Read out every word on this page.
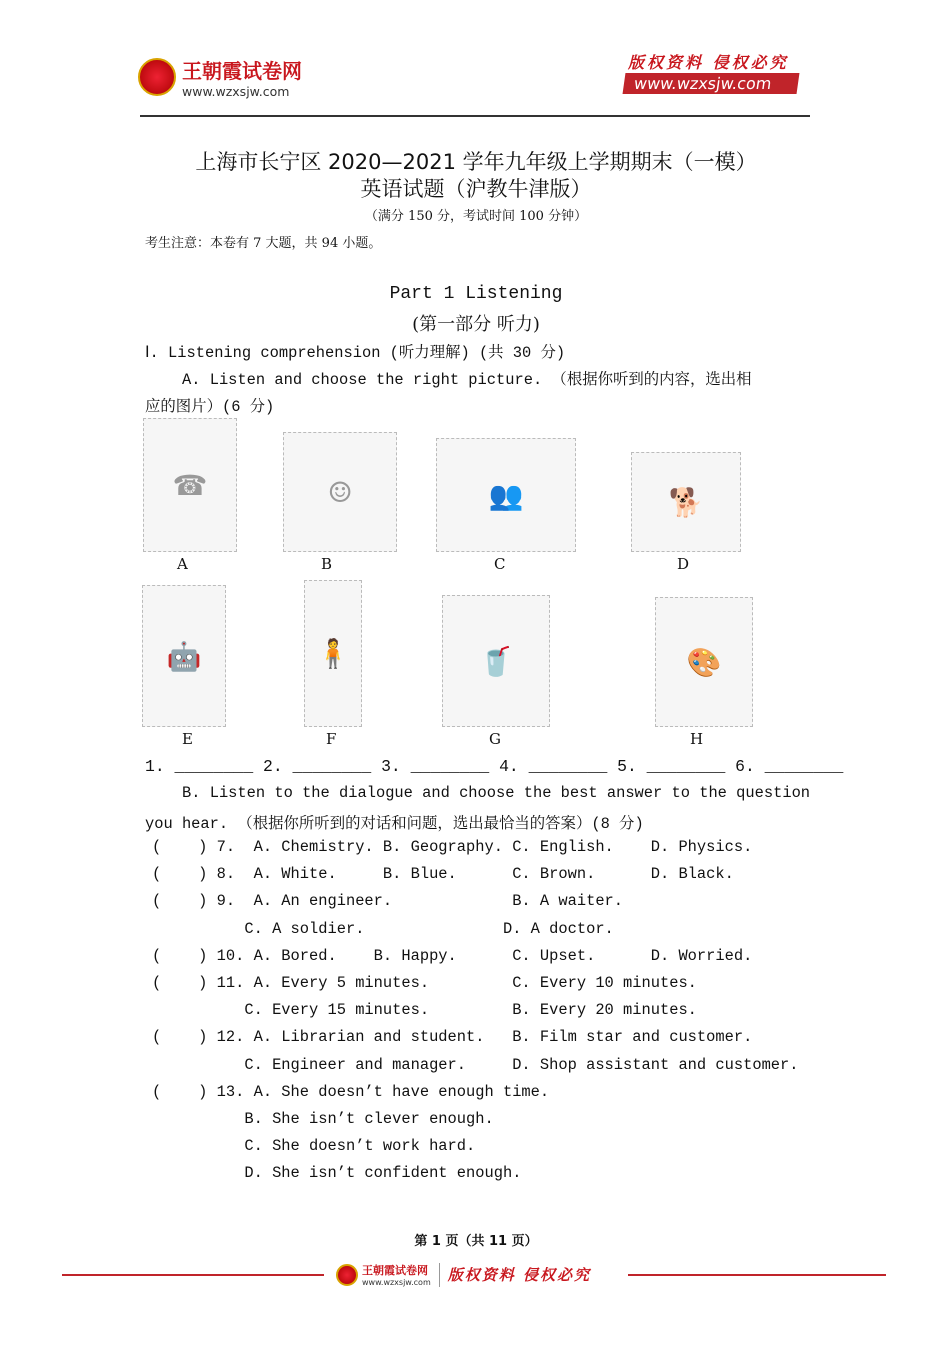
王朝霞试卷网
www.wzxsjw.com
版权资料 侵权必究
www.wzxsjw.com
上海市长宁区 2020—2021 学年九年级上学期期末（一模）
英语试题（沪教牛津版）
（满分 150 分，考试时间 100 分钟）
考生注意：本卷有 7 大题，共 94 小题。
Part 1 Listening
(第一部分 听力)
Ⅰ. Listening comprehension (听力理解) (共 30 分)
A. Listen and choose the right picture. （根据你听到的内容，选出相
应的图片）(6 分)
☎	☺	👥	🐕
A	B	C	D
🤖	🧍	🥤	🎨
E	F	G	H
1. ________ 2. ________ 3. ________ 4. ________ 5. ________ 6. ________
B. Listen to the dialogue and choose the best answer to the question
you hear. （根据你所听到的对话和问题，选出最恰当的答案）(8 分)
(    ) 7.  A. Chemistry. B. Geography. C. English.    D. Physics.
(    ) 8.  A. White.     B. Blue.      C. Brown.      D. Black.
(    ) 9.  A. An engineer.             B. A waiter.
C. A soldier.               D. A doctor.
(    ) 10. A. Bored.    B. Happy.      C. Upset.      D. Worried.
(    ) 11. A. Every 5 minutes.         C. Every 10 minutes.
C. Every 15 minutes.         B. Every 20 minutes.
(    ) 12. A. Librarian and student.   B. Film star and customer.
C. Engineer and manager.     D. Shop assistant and customer.
(    ) 13. A. She doesn’t have enough time.
B. She isn’t clever enough.
C. She doesn’t work hard.
D. She isn’t confident enough.
第 1 页（共 11 页）
王朝霞试卷网
www.wzxsjw.com 版权资料 侵权必究
